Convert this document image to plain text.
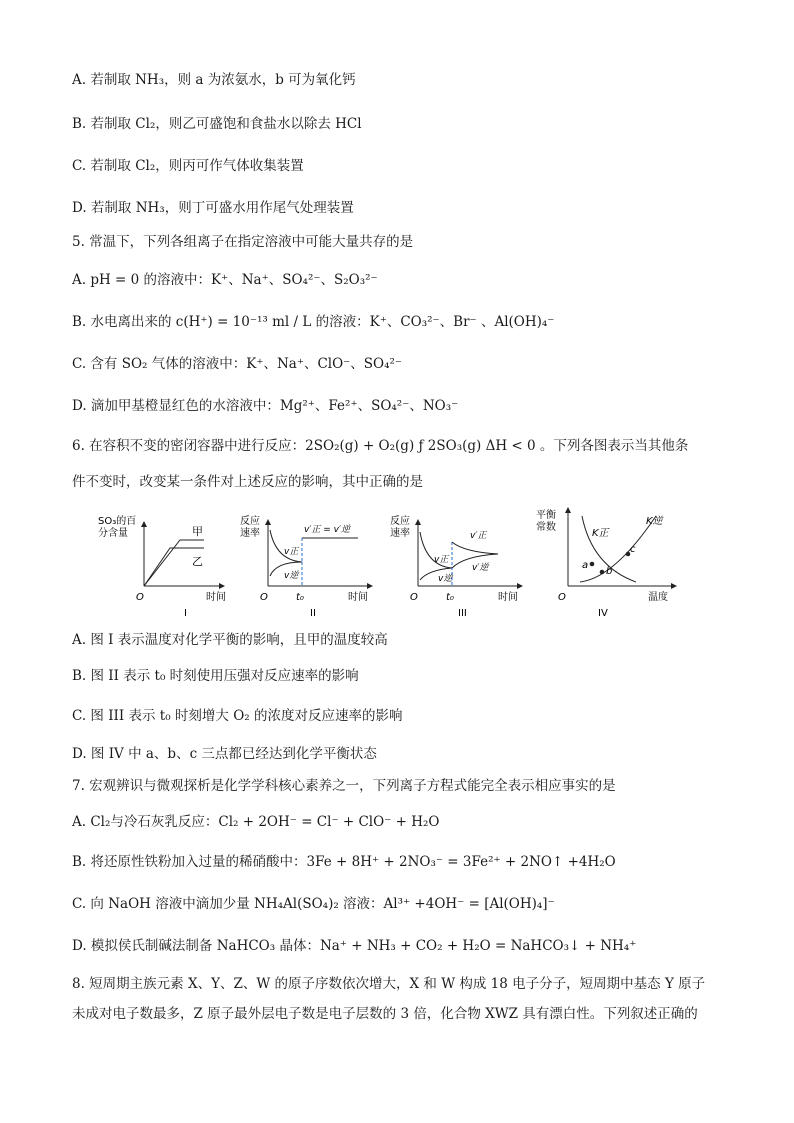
A. 若制取 NH₃，则 a 为浓氨水，b 可为氧化钙
B. 若制取 Cl₂，则乙可盛饱和食盐水以除去 HCl
C. 若制取 Cl₂，则丙可作气体收集装置
D. 若制取 NH₃，则丁可盛水用作尾气处理装置
5. 常温下，下列各组离子在指定溶液中可能大量共存的是
A. pH = 0 的溶液中：K⁺、Na⁺、SO₄²⁻、S₂O₃²⁻
B. 水电离出来的 c(H⁺) = 10⁻¹³ ml / L 的溶液：K⁺、CO₃²⁻、Br⁻ 、Al(OH)₄⁻
C. 含有 SO₂ 气体的溶液中：K⁺、Na⁺、ClO⁻、SO₄²⁻
D. 滴加甲基橙显红色的水溶液中：Mg²⁺、Fe²⁺、SO₄²⁻、NO₃⁻
6. 在容积不变的密闭容器中进行反应：2SO₂(g) + O₂(g) ƒ 2SO₃(g) ΔH < 0 。下列各图表示当其他条
件不变时，改变某一条件对上述反应的影响，其中正确的是
SO₃的百
分含量	甲
乙
O	时间
I
反应
速率	v′正 = v′逆
v正
v逆
O	t₀	时间
II
反应
速率	v′正
v′逆
v正
v逆
O	t₀	时间
III
平衡
常数
a
b
c
K正
K逆
O	温度
IV
A. 图 I 表示温度对化学平衡的影响，且甲的温度较高
B. 图 II 表示 t₀ 时刻使用压强对反应速率的影响
C. 图 III 表示 t₀ 时刻增大 O₂ 的浓度对反应速率的影响
D. 图 IV 中 a、b、c 三点都已经达到化学平衡状态
7. 宏观辨识与微观探析是化学学科核心素养之一，下列离子方程式能完全表示相应事实的是
A. Cl₂与冷石灰乳反应：Cl₂ + 2OH⁻ = Cl⁻ + ClO⁻ + H₂O
B. 将还原性铁粉加入过量的稀硝酸中：3Fe + 8H⁺ + 2NO₃⁻ = 3Fe²⁺ + 2NO↑ +4H₂O
C. 向 NaOH 溶液中滴加少量 NH₄Al(SO₄)₂ 溶液：Al³⁺ +4OH⁻ = [Al(OH)₄]⁻
D. 模拟侯氏制碱法制备 NaHCO₃ 晶体：Na⁺ + NH₃ + CO₂ + H₂O = NaHCO₃↓ + NH₄⁺
8. 短周期主族元素 X、Y、Z、W 的原子序数依次增大，X 和 W 构成 18 电子分子，短周期中基态 Y 原子
未成对电子数最多，Z 原子最外层电子数是电子层数的 3 倍，化合物 XWZ 具有漂白性。下列叙述正确的
